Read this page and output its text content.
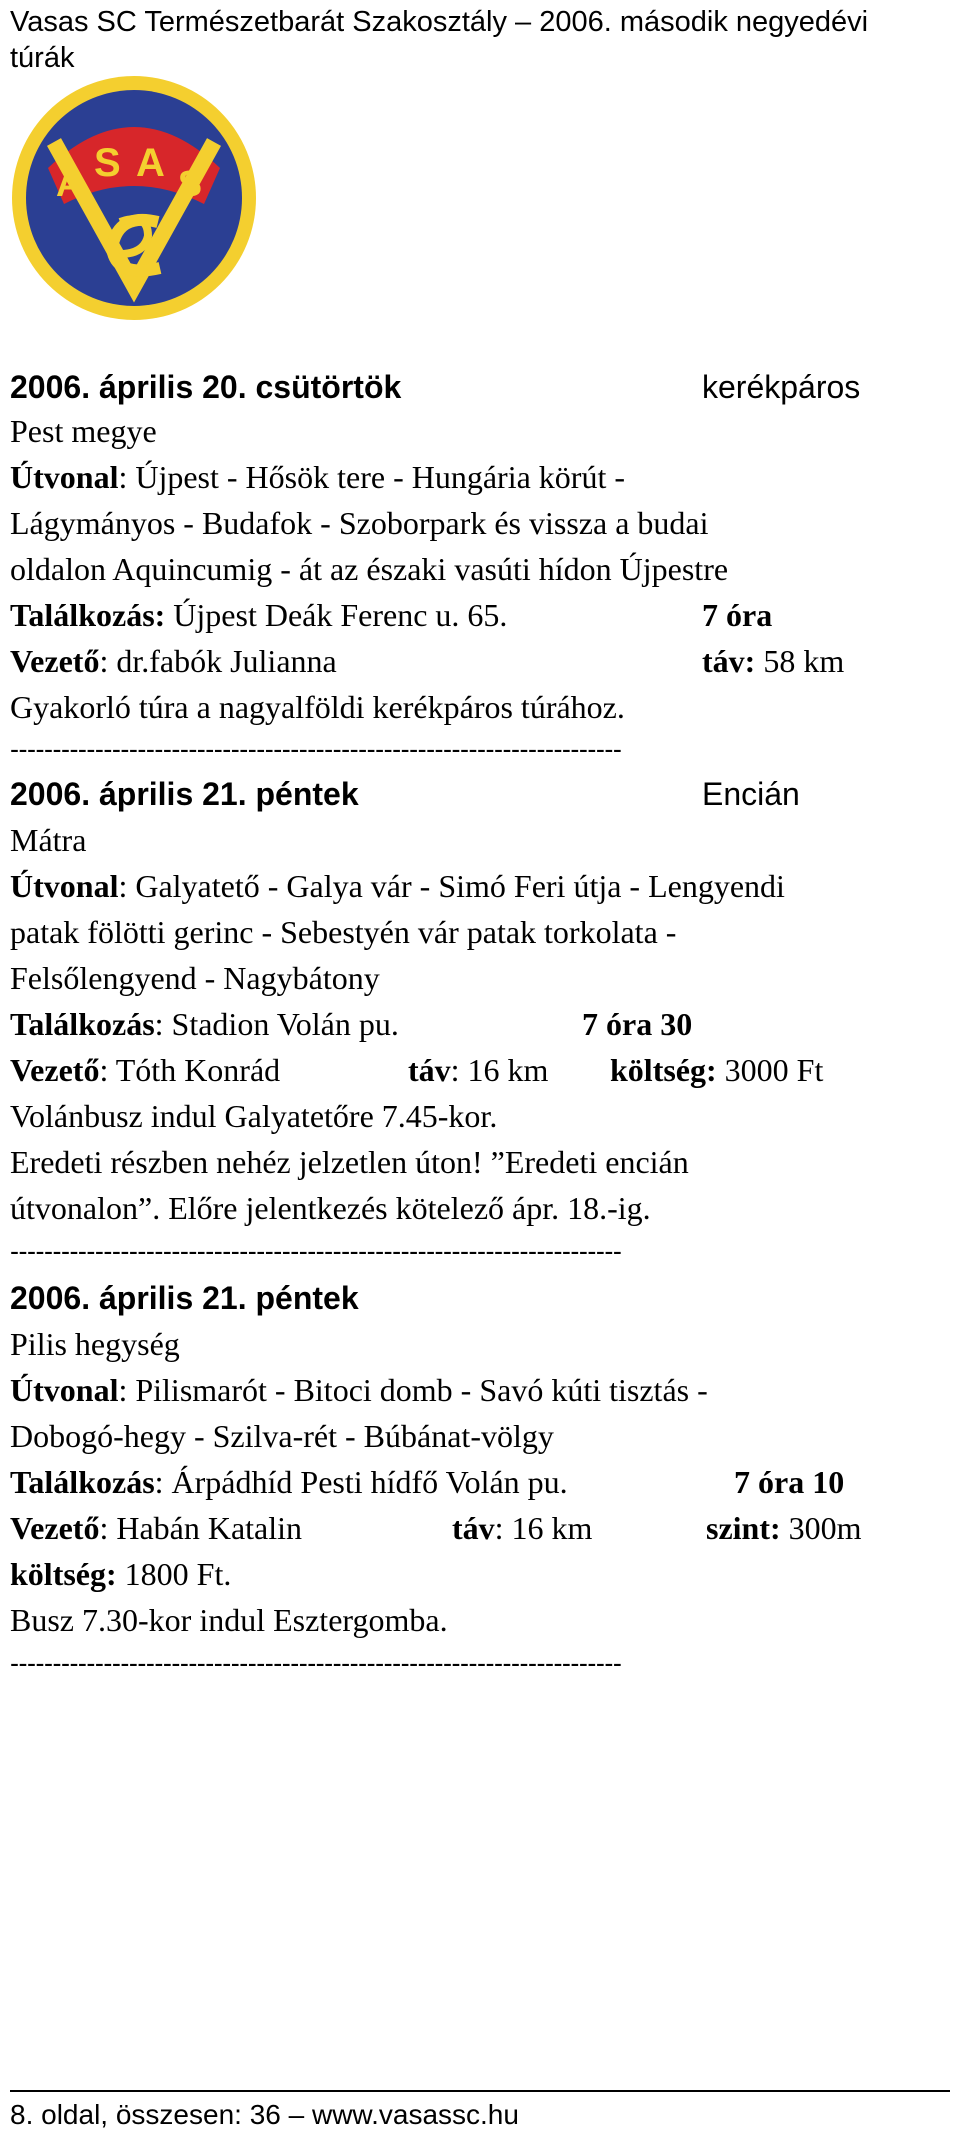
Vasas SC Természetbarát Szakosztály – 2006. második negyedévi túrák
A S A S
2006. április 20. csütörtök	kerékpáros
Pest megye
Útvonal: Újpest - Hősök tere - Hungária körút -
Lágymányos - Budafok - Szoborpark és vissza a budai
oldalon Aquincumig - át az északi vasúti hídon Újpestre
Találkozás: Újpest Deák Ferenc u. 65.	7 óra
Vezető: dr.fabók Julianna	táv: 58 km
Gyakorló túra a nagyalföldi kerékpáros túrához.
------------------------------------------------------------------------
2006. április 21. péntek	Encián
Mátra
Útvonal: Galyatető - Galya vár - Simó Feri útja - Lengyendi
patak fölötti gerinc - Sebestyén vár patak torkolata -
Felsőlengyend - Nagybátony
Találkozás: Stadion Volán pu.	7 óra 30
Vezető: Tóth Konrád	táv: 16 km költség: 3000 Ft
Volánbusz indul Galyatetőre 7.45-kor.
Eredeti részben nehéz jelzetlen úton! ”Eredeti encián
útvonalon”. Előre jelentkezés kötelező ápr. 18.-ig.
------------------------------------------------------------------------
2006. április 21. péntek
Pilis hegység
Útvonal: Pilismarót - Bitoci domb - Savó kúti tisztás -
Dobogó-hegy - Szilva-rét - Búbánat-völgy
Találkozás: Árpádhíd Pesti hídfő Volán pu.	7 óra 10
Vezető: Habán Katalin	táv: 16 km	szint: 300m
költség: 1800 Ft.
Busz 7.30-kor indul Esztergomba.
------------------------------------------------------------------------
8. oldal, összesen: 36 – www.vasassc.hu
